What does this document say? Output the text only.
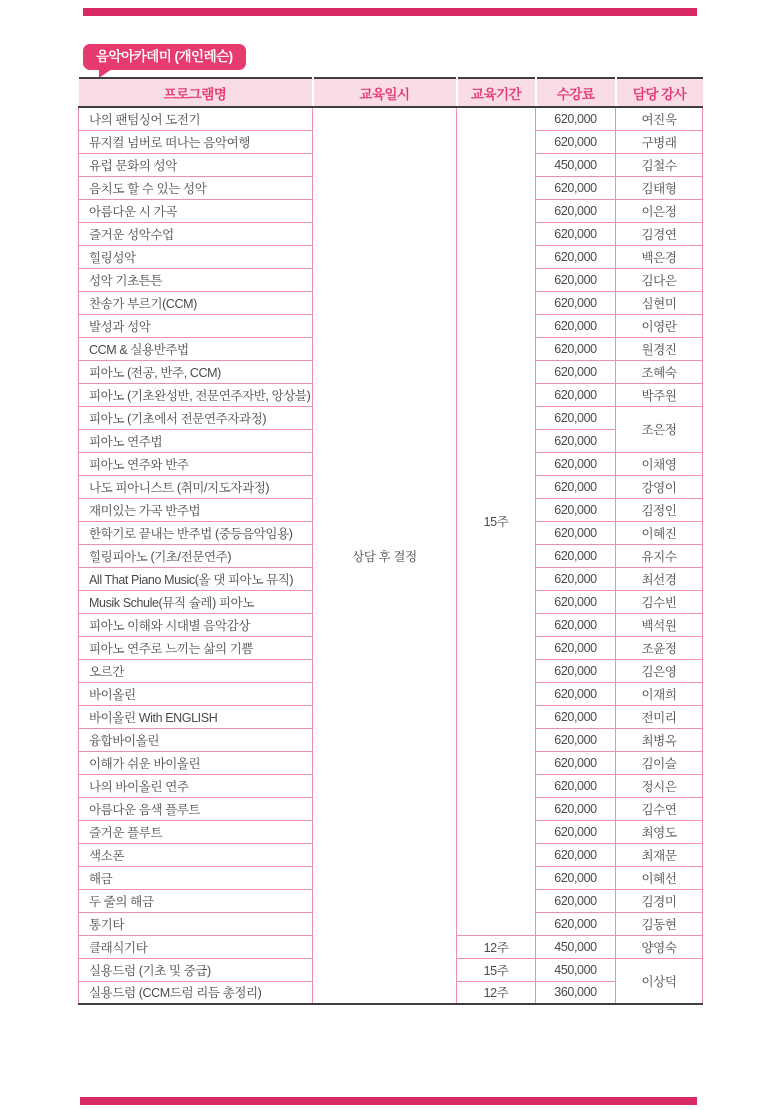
음악아카데미 (개인레슨)
프로그램명	교육일시	교육기간	수강료	담당 강사
나의 팬텀싱어 도전기	상담 후 결정	15주	620,000	여진욱
뮤지컬 넘버로 떠나는 음악여행			620,000	구병래
유럽 문화의 성악			450,000	김철수
음치도 할 수 있는 성악			620,000	김태형
아름다운 시 가곡			620,000	이은정
즐거운 성악수업			620,000	김경연
힐링성악			620,000	백은경
성악 기초튼튼			620,000	김다은
찬송가 부르기(CCM)			620,000	심현미
발성과 성악			620,000	이영란
CCM & 실용반주법			620,000	원경진
피아노 (전공, 반주, CCM)			620,000	조혜숙
피아노 (기초완성반, 전문연주자반, 앙상블)			620,000	박주원
피아노 (기초에서 전문연주자과정)			620,000	조은정
피아노 연주법			620,000	
피아노 연주와 반주			620,000	이채영
나도 피아니스트 (취미/지도자과정)			620,000	강영이
재미있는 가곡 반주법			620,000	김정인
한학기로 끝내는 반주법 (중등음악임용)			620,000	이혜진
힐링피아노 (기초/전문연주)			620,000	유지수
All That Piano Music(올 댓 피아노 뮤직)			620,000	최선경
Musik Schule(뮤직 슐레) 피아노			620,000	김수빈
피아노 이해와 시대별 음악감상			620,000	백석원
피아노 연주로 느끼는 삶의 기쁨			620,000	조윤정
오르간			620,000	김은영
바이올린			620,000	이재희
바이올린 With ENGLISH			620,000	전미리
융합바이올린			620,000	최병옥
이해가 쉬운 바이올린			620,000	김이슬
나의 바이올린 연주			620,000	정시은
아름다운 음색 플루트			620,000	김수연
즐거운 플루트			620,000	최영도
색소폰			620,000	최재문
해금			620,000	이혜선
두 줄의 해금			620,000	김경미
통기타			620,000	김동현
클래식기타		12주	450,000	양영숙
실용드럼 (기초 및 중급)		15주	450,000	이상덕
실용드럼 (CCM드럼 리듬 총정리)		12주	360,000	
